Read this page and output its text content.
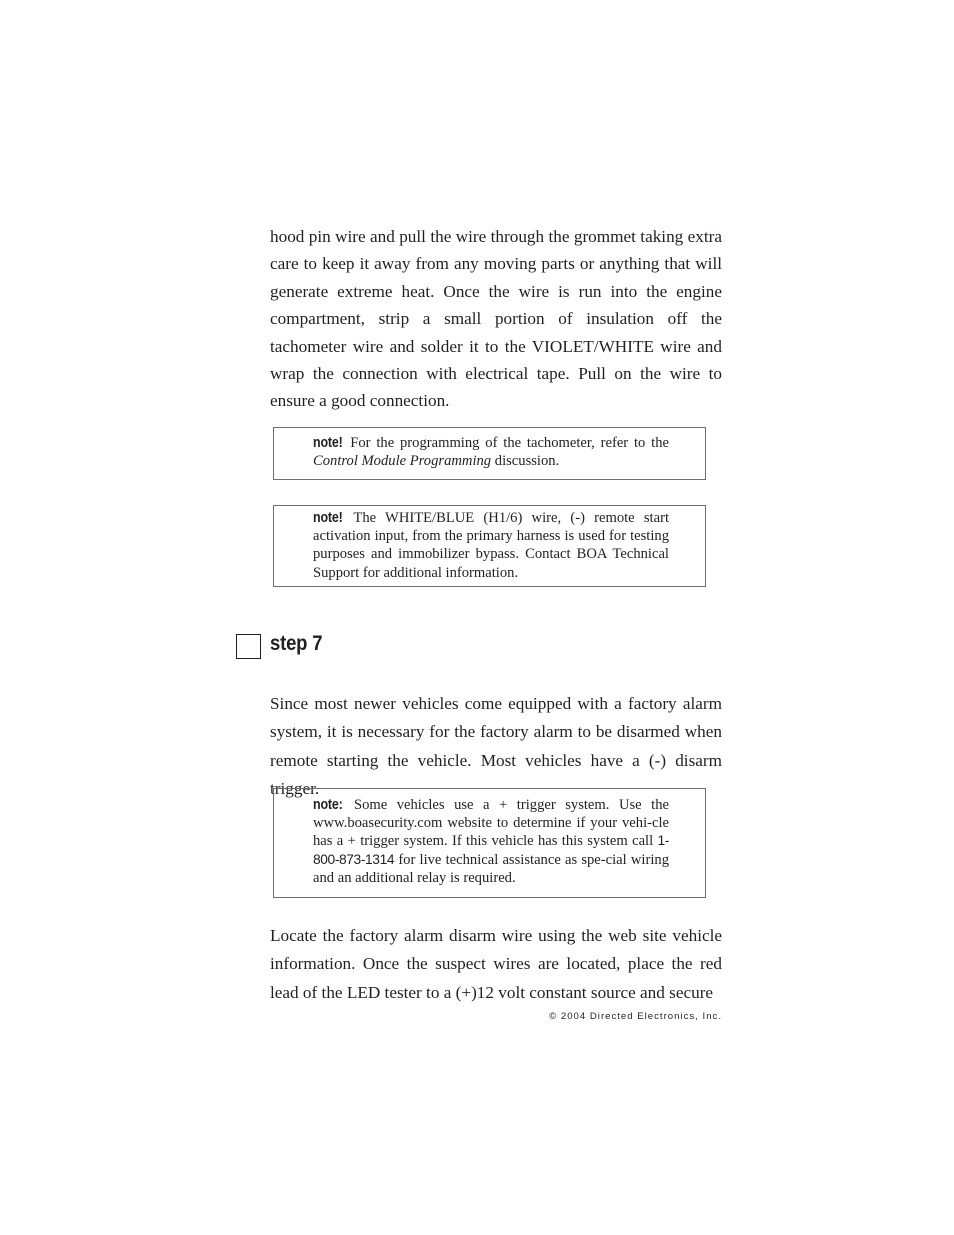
hood pin wire and pull the wire through the grommet taking extra care to keep it away from any moving parts or anything that will generate extreme heat. Once the wire is run into the engine compartment, strip a small portion of insulation off the tachometer wire and solder it to the VIOLET/WHITE wire and wrap the connection with electrical tape. Pull on the wire to ensure a good connection.

note! For the programming of the tachometer, refer to the Control Module Programming discussion.

note! The WHITE/BLUE (H1/6) wire, (-) remote start activation input, from the primary harness is used for testing purposes and immobilizer bypass. Contact BOA Technical Support for additional information.

step 7

Since most newer vehicles come equipped with a factory alarm system, it is necessary for the factory alarm to be disarmed when remote starting the vehicle. Most vehicles have a (-) disarm trigger.

note: Some vehicles use a + trigger system. Use the www.boasecurity.com website to determine if your vehi-cle has a + trigger system. If this vehicle has this system call 1-800-873-1314 for live technical assistance as spe-cial wiring and an additional relay is required.

Locate the factory alarm disarm wire using the web site vehicle information. Once the suspect wires are located, place the red lead of the LED tester to a (+)12 volt constant source and secure

© 2004 Directed Electronics, Inc.
